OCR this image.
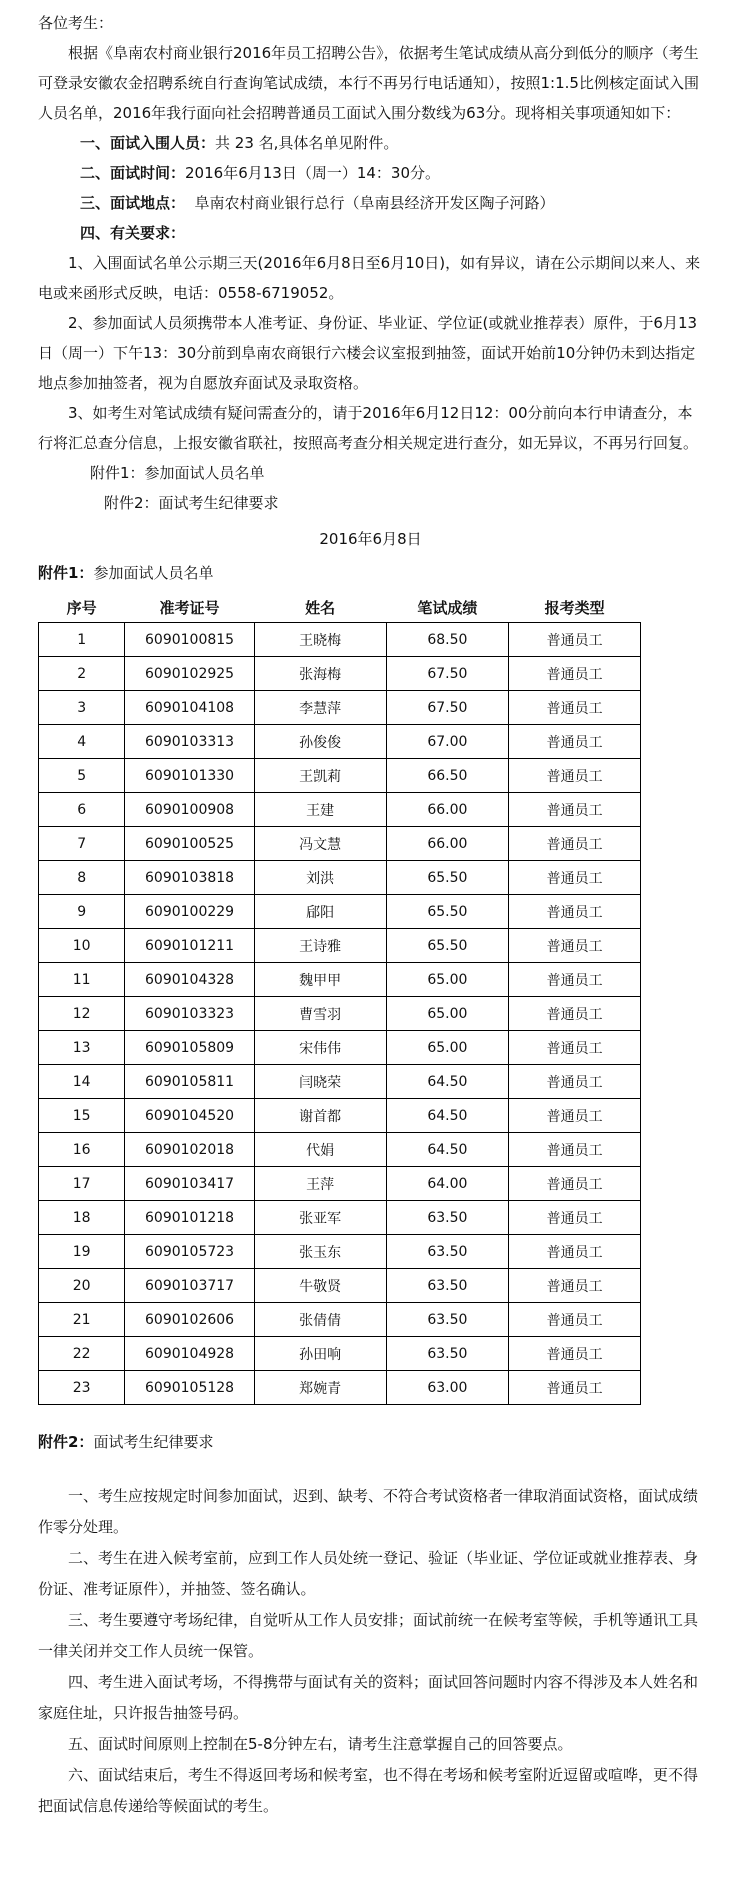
各位考生：

根据《阜南农村商业银行2016年员工招聘公告》，依据考生笔试成绩从高分到低分的顺序（考生可登录安徽农金招聘系统自行查询笔试成绩，本行不再另行电话通知），按照1:1.5比例核定面试入围人员名单，2016年我行面向社会招聘普通员工面试入围分数线为63分。现将相关事项通知如下：

一、面试入围人员：共 23 名,具体名单见附件。

二、面试时间：2016年6月13日（周一）14：30分。

三、面试地点：  阜南农村商业银行总行（阜南县经济开发区陶子河路）

四、有关要求：

1、入围面试名单公示期三天(2016年6月8日至6月10日)，如有异议，请在公示期间以来人、来电或来函形式反映，电话：0558-6719052。

2、参加面试人员须携带本人准考证、身份证、毕业证、学位证(或就业推荐表）原件，于6月13日（周一）下午13：30分前到阜南农商银行六楼会议室报到抽签，面试开始前10分钟仍未到达指定地点参加抽签者，视为自愿放弃面试及录取资格。

3、如考生对笔试成绩有疑问需查分的，请于2016年6月12日12：00分前向本行申请查分，本行将汇总查分信息，上报安徽省联社，按照高考查分相关规定进行查分，如无异议，不再另行回复。

附件1：参加面试人员名单

附件2：面试考生纪律要求

2016年6月8日

附件1：参加面试人员名单

序号	准考证号	姓名	笔试成绩	报考类型
1	6090100815	王晓梅	68.50	普通员工
2	6090102925	张海梅	67.50	普通员工
3	6090104108	李慧萍	67.50	普通员工
4	6090103313	孙俊俊	67.00	普通员工
5	6090101330	王凯莉	66.50	普通员工
6	6090100908	王建	66.00	普通员工
7	6090100525	冯文慧	66.00	普通员工
8	6090103818	刘洪	65.50	普通员工
9	6090100229	郈阳	65.50	普通员工
10	6090101211	王诗雅	65.50	普通员工
11	6090104328	魏甲甲	65.00	普通员工
12	6090103323	曹雪羽	65.00	普通员工
13	6090105809	宋伟伟	65.00	普通员工
14	6090105811	闫晓荣	64.50	普通员工
15	6090104520	谢首都	64.50	普通员工
16	6090102018	代娟	64.50	普通员工
17	6090103417	王萍	64.00	普通员工
18	6090101218	张亚军	63.50	普通员工
19	6090105723	张玉东	63.50	普通员工
20	6090103717	牛敬贤	63.50	普通员工
21	6090102606	张倩倩	63.50	普通员工
22	6090104928	孙田响	63.50	普通员工
23	6090105128	郑婉青	63.00	普通员工

附件2：面试考生纪律要求

一、考生应按规定时间参加面试，迟到、缺考、不符合考试资格者一律取消面试资格，面试成绩作零分处理。

二、考生在进入候考室前，应到工作人员处统一登记、验证（毕业证、学位证或就业推荐表、身份证、准考证原件），并抽签、签名确认。

三、考生要遵守考场纪律，自觉听从工作人员安排；面试前统一在候考室等候，手机等通讯工具一律关闭并交工作人员统一保管。

四、考生进入面试考场，不得携带与面试有关的资料；面试回答问题时内容不得涉及本人姓名和家庭住址，只许报告抽签号码。

五、面试时间原则上控制在5-8分钟左右，请考生注意掌握自己的回答要点。

六、面试结束后，考生不得返回考场和候考室，也不得在考场和候考室附近逗留或喧哗，更不得把面试信息传递给等候面试的考生。
